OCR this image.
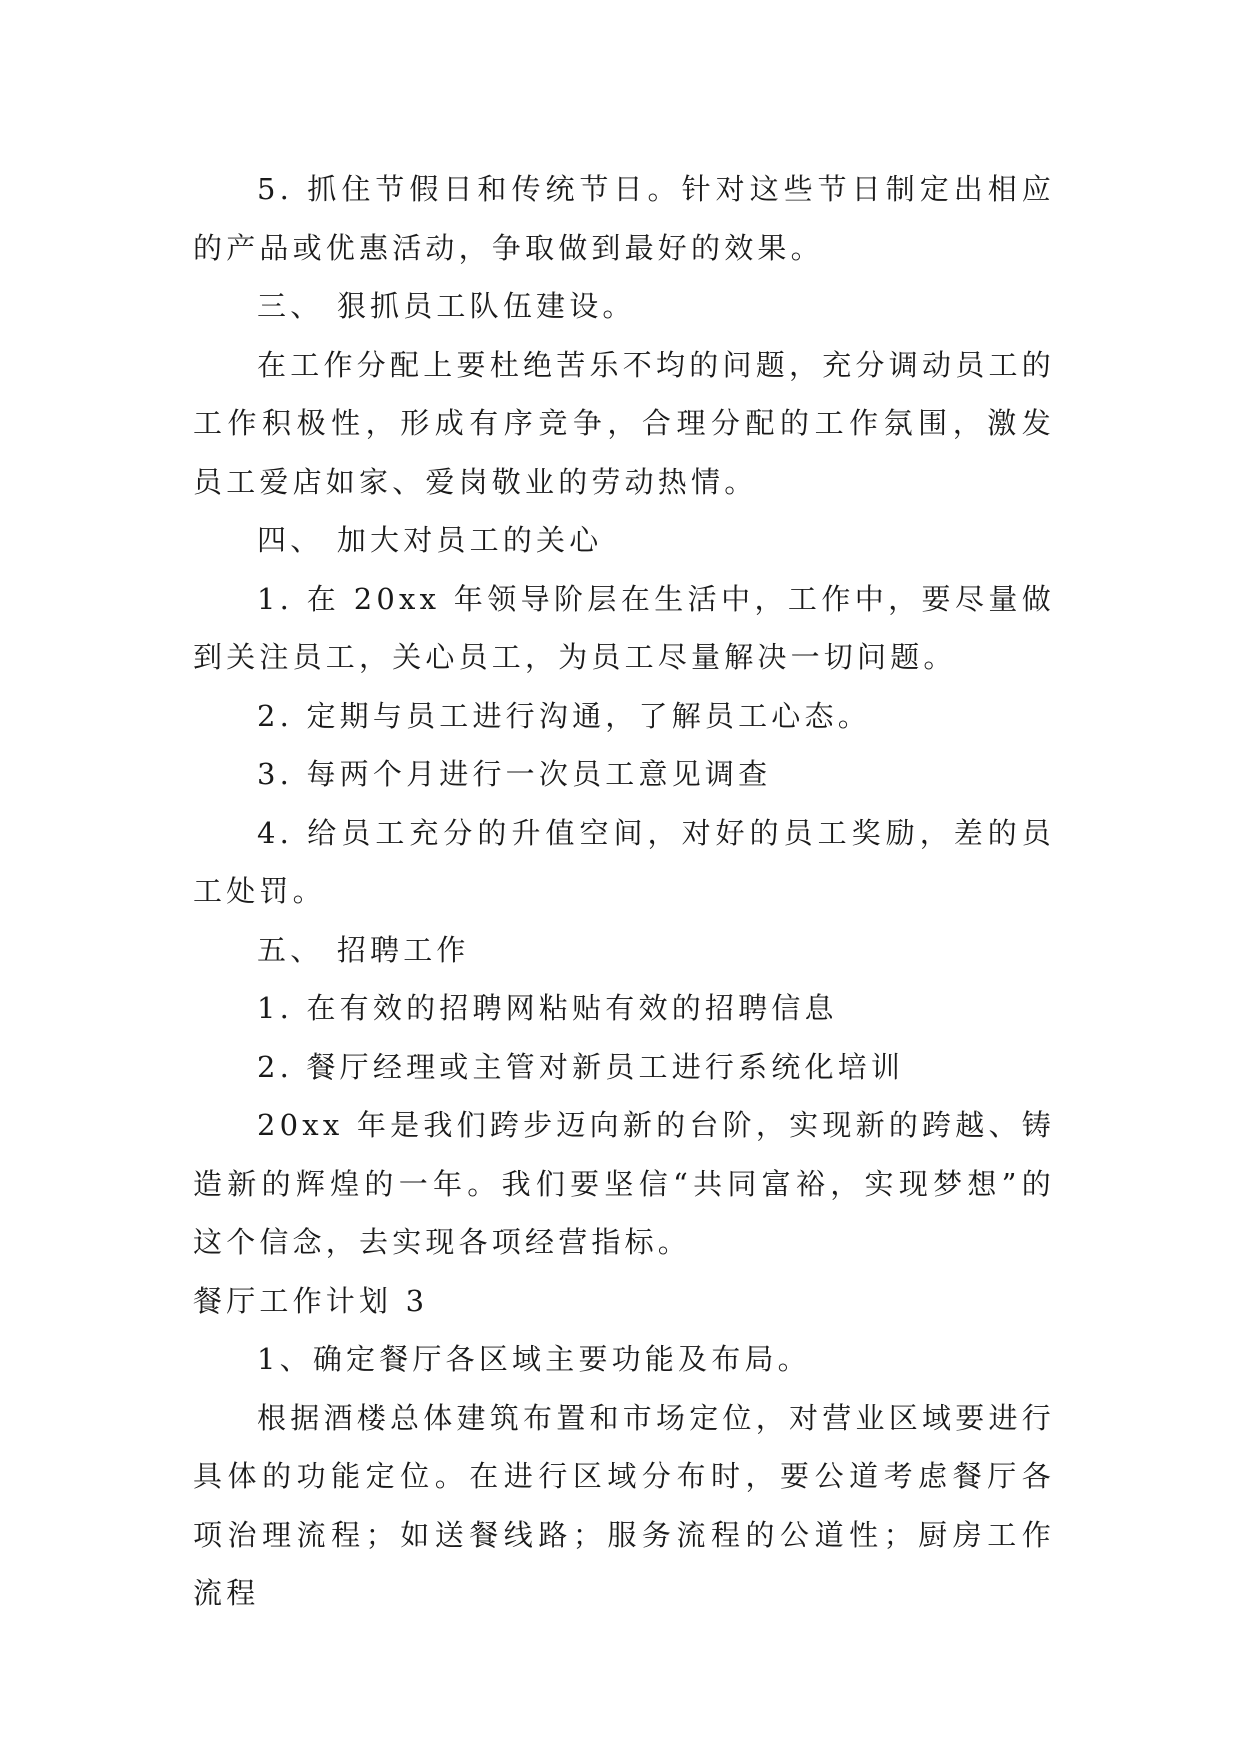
5. 抓住节假日和传统节日。针对这些节日制定出相应的产品或优惠活动，争取做到最好的效果。

三、 狠抓员工队伍建设。

在工作分配上要杜绝苦乐不均的问题，充分调动员工的工作积极性，形成有序竞争，合理分配的工作氛围，激发员工爱店如家、爱岗敬业的劳动热情。

四、 加大对员工的关心

1. 在 20xx 年领导阶层在生活中，工作中，要尽量做到关注员工，关心员工，为员工尽量解决一切问题。

2. 定期与员工进行沟通，了解员工心态。

3. 每两个月进行一次员工意见调查

4. 给员工充分的升值空间，对好的员工奖励，差的员工处罚。

五、 招聘工作

1. 在有效的招聘网粘贴有效的招聘信息

2. 餐厅经理或主管对新员工进行系统化培训

20xx 年是我们跨步迈向新的台阶，实现新的跨越、铸造新的辉煌的一年。我们要坚信“共同富裕，实现梦想”的这个信念，去实现各项经营指标。

餐厅工作计划 3

1、确定餐厅各区域主要功能及布局。

根据酒楼总体建筑布置和市场定位，对营业区域要进行具体的功能定位。在进行区域分布时，要公道考虑餐厅各项治理流程；如送餐线路；服务流程的公道性；厨房工作流程
